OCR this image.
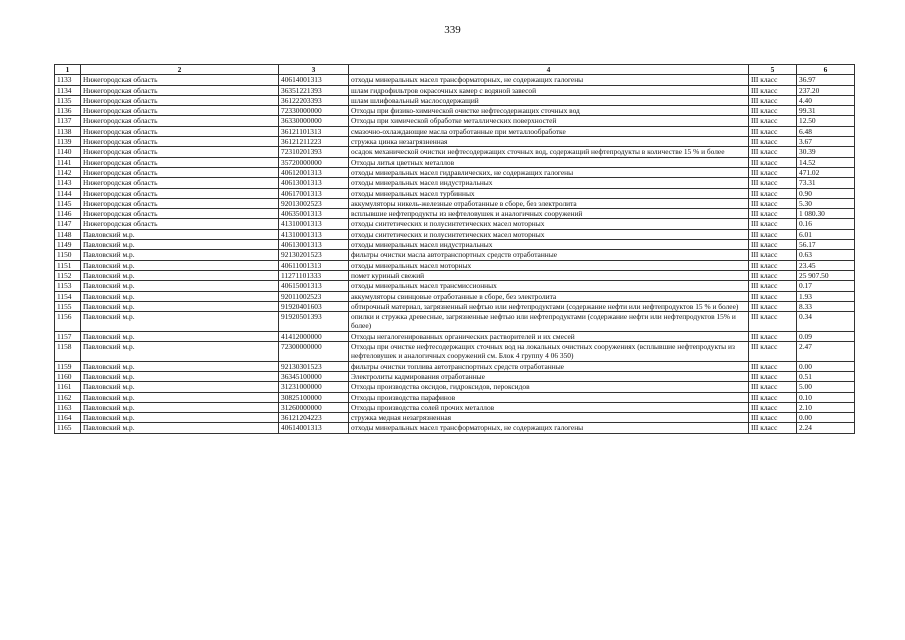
339
1	2	3	4	5	6
1133	Нижегородская область	40614001313	отходы минеральных масел трансформаторных, не содержащих галогены	III класс	36.97
1134	Нижегородская область	36351221393	шлам гидрофильтров окрасочных камер с водяной завесой	III класс	237.20
1135	Нижегородская область	36122203393	шлам шлифовальный маслосодержащий	III класс	4.40
1136	Нижегородская область	72330000000	Отходы при физико-химической очистке нефтесодержащих сточных вод	III класс	99.31
1137	Нижегородская область	36330000000	Отходы при химической обработке металлических поверхностей	III класс	12.50
1138	Нижегородская область	36121101313	смазочно-охлаждающие масла отработанные при металлообработке	III класс	6.48
1139	Нижегородская область	36121211223	стружка цинка незагрязненная	III класс	3.67
1140	Нижегородская область	72310201393	осадок механической очистки нефтесодержащих сточных вод, содержащий нефтепродукты в количестве 15 % и более	III класс	30.39
1141	Нижегородская область	35720000000	Отходы литья цветных металлов	III класс	14.52
1142	Нижегородская область	40612001313	отходы минеральных масел гидравлических, не содержащих галогены	III класс	471.02
1143	Нижегородская область	40613001313	отходы минеральных масел индустриальных	III класс	73.31
1144	Нижегородская область	40617001313	отходы минеральных масел турбинных	III класс	0.90
1145	Нижегородская область	92013002523	аккумуляторы никель-железные отработанные в сборе, без электролита	III класс	5.30
1146	Нижегородская область	40635001313	всплывшие нефтепродукты из нефтеловушек и аналогичных сооружений	III класс	1 080.30
1147	Нижегородская область	41310001313	отходы синтетических и полусинтетических масел моторных	III класс	0.16
1148	Павловский м.р.	41310001313	отходы синтетических и полусинтетических масел моторных	III класс	6.01
1149	Павловский м.р.	40613001313	отходы минеральных масел индустриальных	III класс	56.17
1150	Павловский м.р.	92130201523	фильтры очистки масла автотранспортных средств отработанные	III класс	0.63
1151	Павловский м.р.	40611001313	отходы минеральных масел моторных	III класс	23.45
1152	Павловский м.р.	11271101333	помет куриный свежий	III класс	25 907.50
1153	Павловский м.р.	40615001313	отходы минеральных масел трансмиссионных	III класс	0.17
1154	Павловский м.р.	92011002523	аккумуляторы свинцовые отработанные в сборе, без электролита	III класс	1.93
1155	Павловский м.р.	91920401603	обтирочный материал, загрязненный нефтью или нефтепродуктами (содержание нефти или нефтепродуктов 15 % и более)	III класс	8.33
1156	Павловский м.р.	91920501393	опилки и стружка древесные, загрязненные нефтью или нефтепродуктами (содержание нефти или нефтепродуктов 15% и более)	III класс	0.34
1157	Павловский м.р.	41412000000	Отходы негалогенированных органических растворителей и их смесей	III класс	0.09
1158	Павловский м.р.	72300000000	Отходы при очистке нефтесодержащих сточных вод на локальных очистных сооружениях (всплывшие нефтепродукты из нефтеловушек и аналогичных сооружений см. Блок 4 группу 4 06 350)	III класс	2.47
1159	Павловский м.р.	92130301523	фильтры очистки топлива автотранспортных средств отработанные	III класс	0.00
1160	Павловский м.р.	36345100000	Электролиты кадмирования отработанные	III класс	0.51
1161	Павловский м.р.	31231000000	Отходы производства оксидов, гидроксидов, пероксидов	III класс	5.00
1162	Павловский м.р.	30825100000	Отходы производства парафинов	III класс	0.10
1163	Павловский м.р.	31260000000	Отходы производства солей прочих металлов	III класс	2.10
1164	Павловский м.р.	36121204223	стружка медная незагрязненная	III класс	0.00
1165	Павловский м.р.	40614001313	отходы минеральных масел трансформаторных, не содержащих галогены	III класс	2.24
